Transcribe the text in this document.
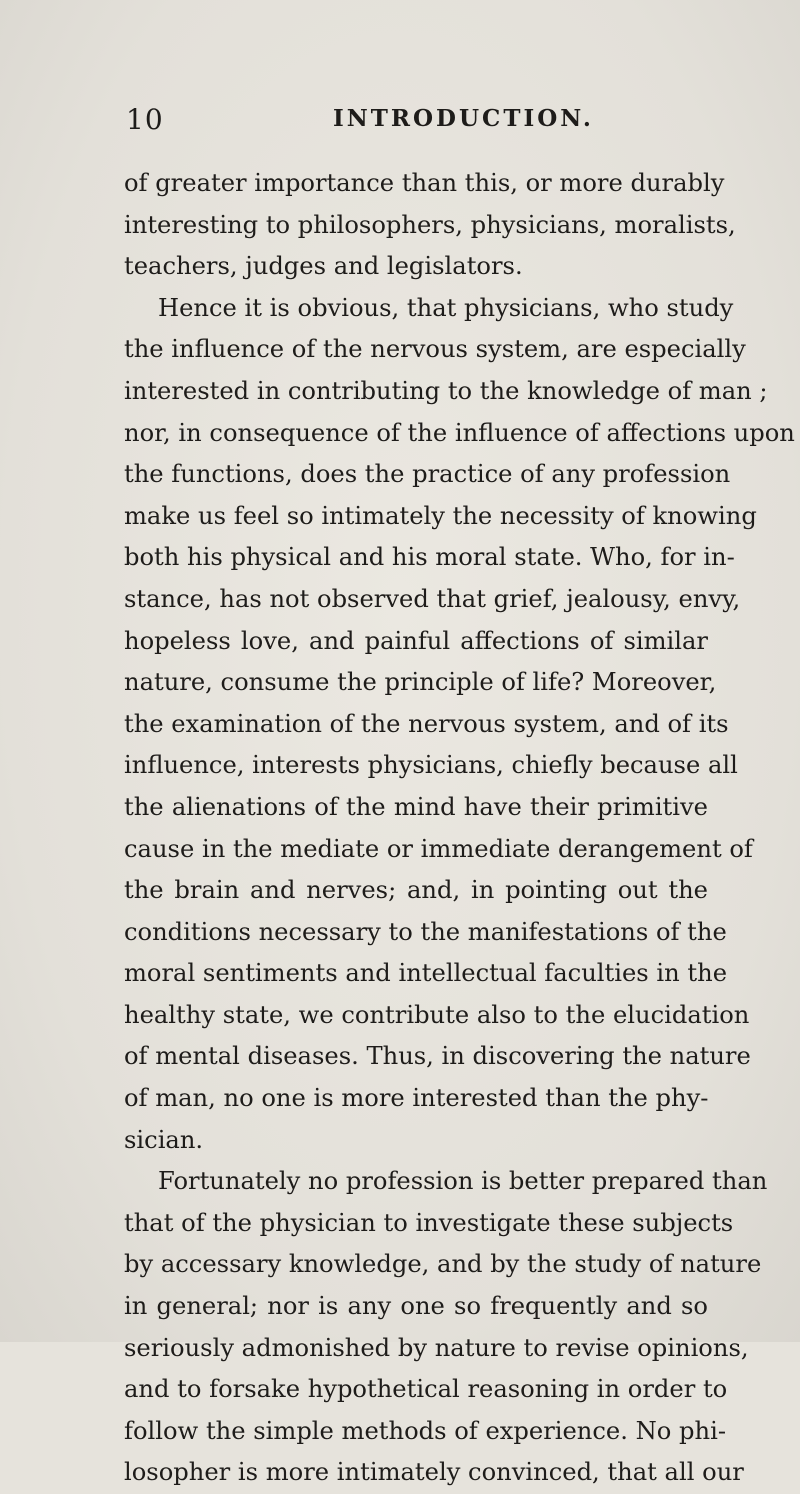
10	INTRODUCTION.
of greater importance than this, or more durably
interesting to philosophers, physicians, moralists,
teachers, judges and legislators.
Hence it is obvious, that physicians, who study
the influence of the nervous system, are especially
interested in contributing to the knowledge of man ;
nor, in consequence of the influence of affections upon
the functions, does the practice of any profession
make us feel so intimately the necessity of knowing
both his physical and his moral state. Who, for in-
stance, has not observed that grief, jealousy, envy,
hopeless love, and painful affections of similar
nature, consume the principle of life? Moreover,
the examination of the nervous system, and of its
influence, interests physicians, chiefly because all
the alienations of the mind have their primitive
cause in the mediate or immediate derangement of
the brain and nerves; and, in pointing out the
conditions necessary to the manifestations of the
moral sentiments and intellectual faculties in the
healthy state, we contribute also to the elucidation
of mental diseases. Thus, in discovering the nature
of man, no one is more interested than the phy-
sician.
Fortunately no profession is better prepared than
that of the physician to investigate these subjects
by accessary knowledge, and by the study of nature
in general; nor is any one so frequently and so
seriously admonished by nature to revise opinions,
and to forsake hypothetical reasoning in order to
follow the simple methods of experience. No phi-
losopher is more intimately convinced, that all our
